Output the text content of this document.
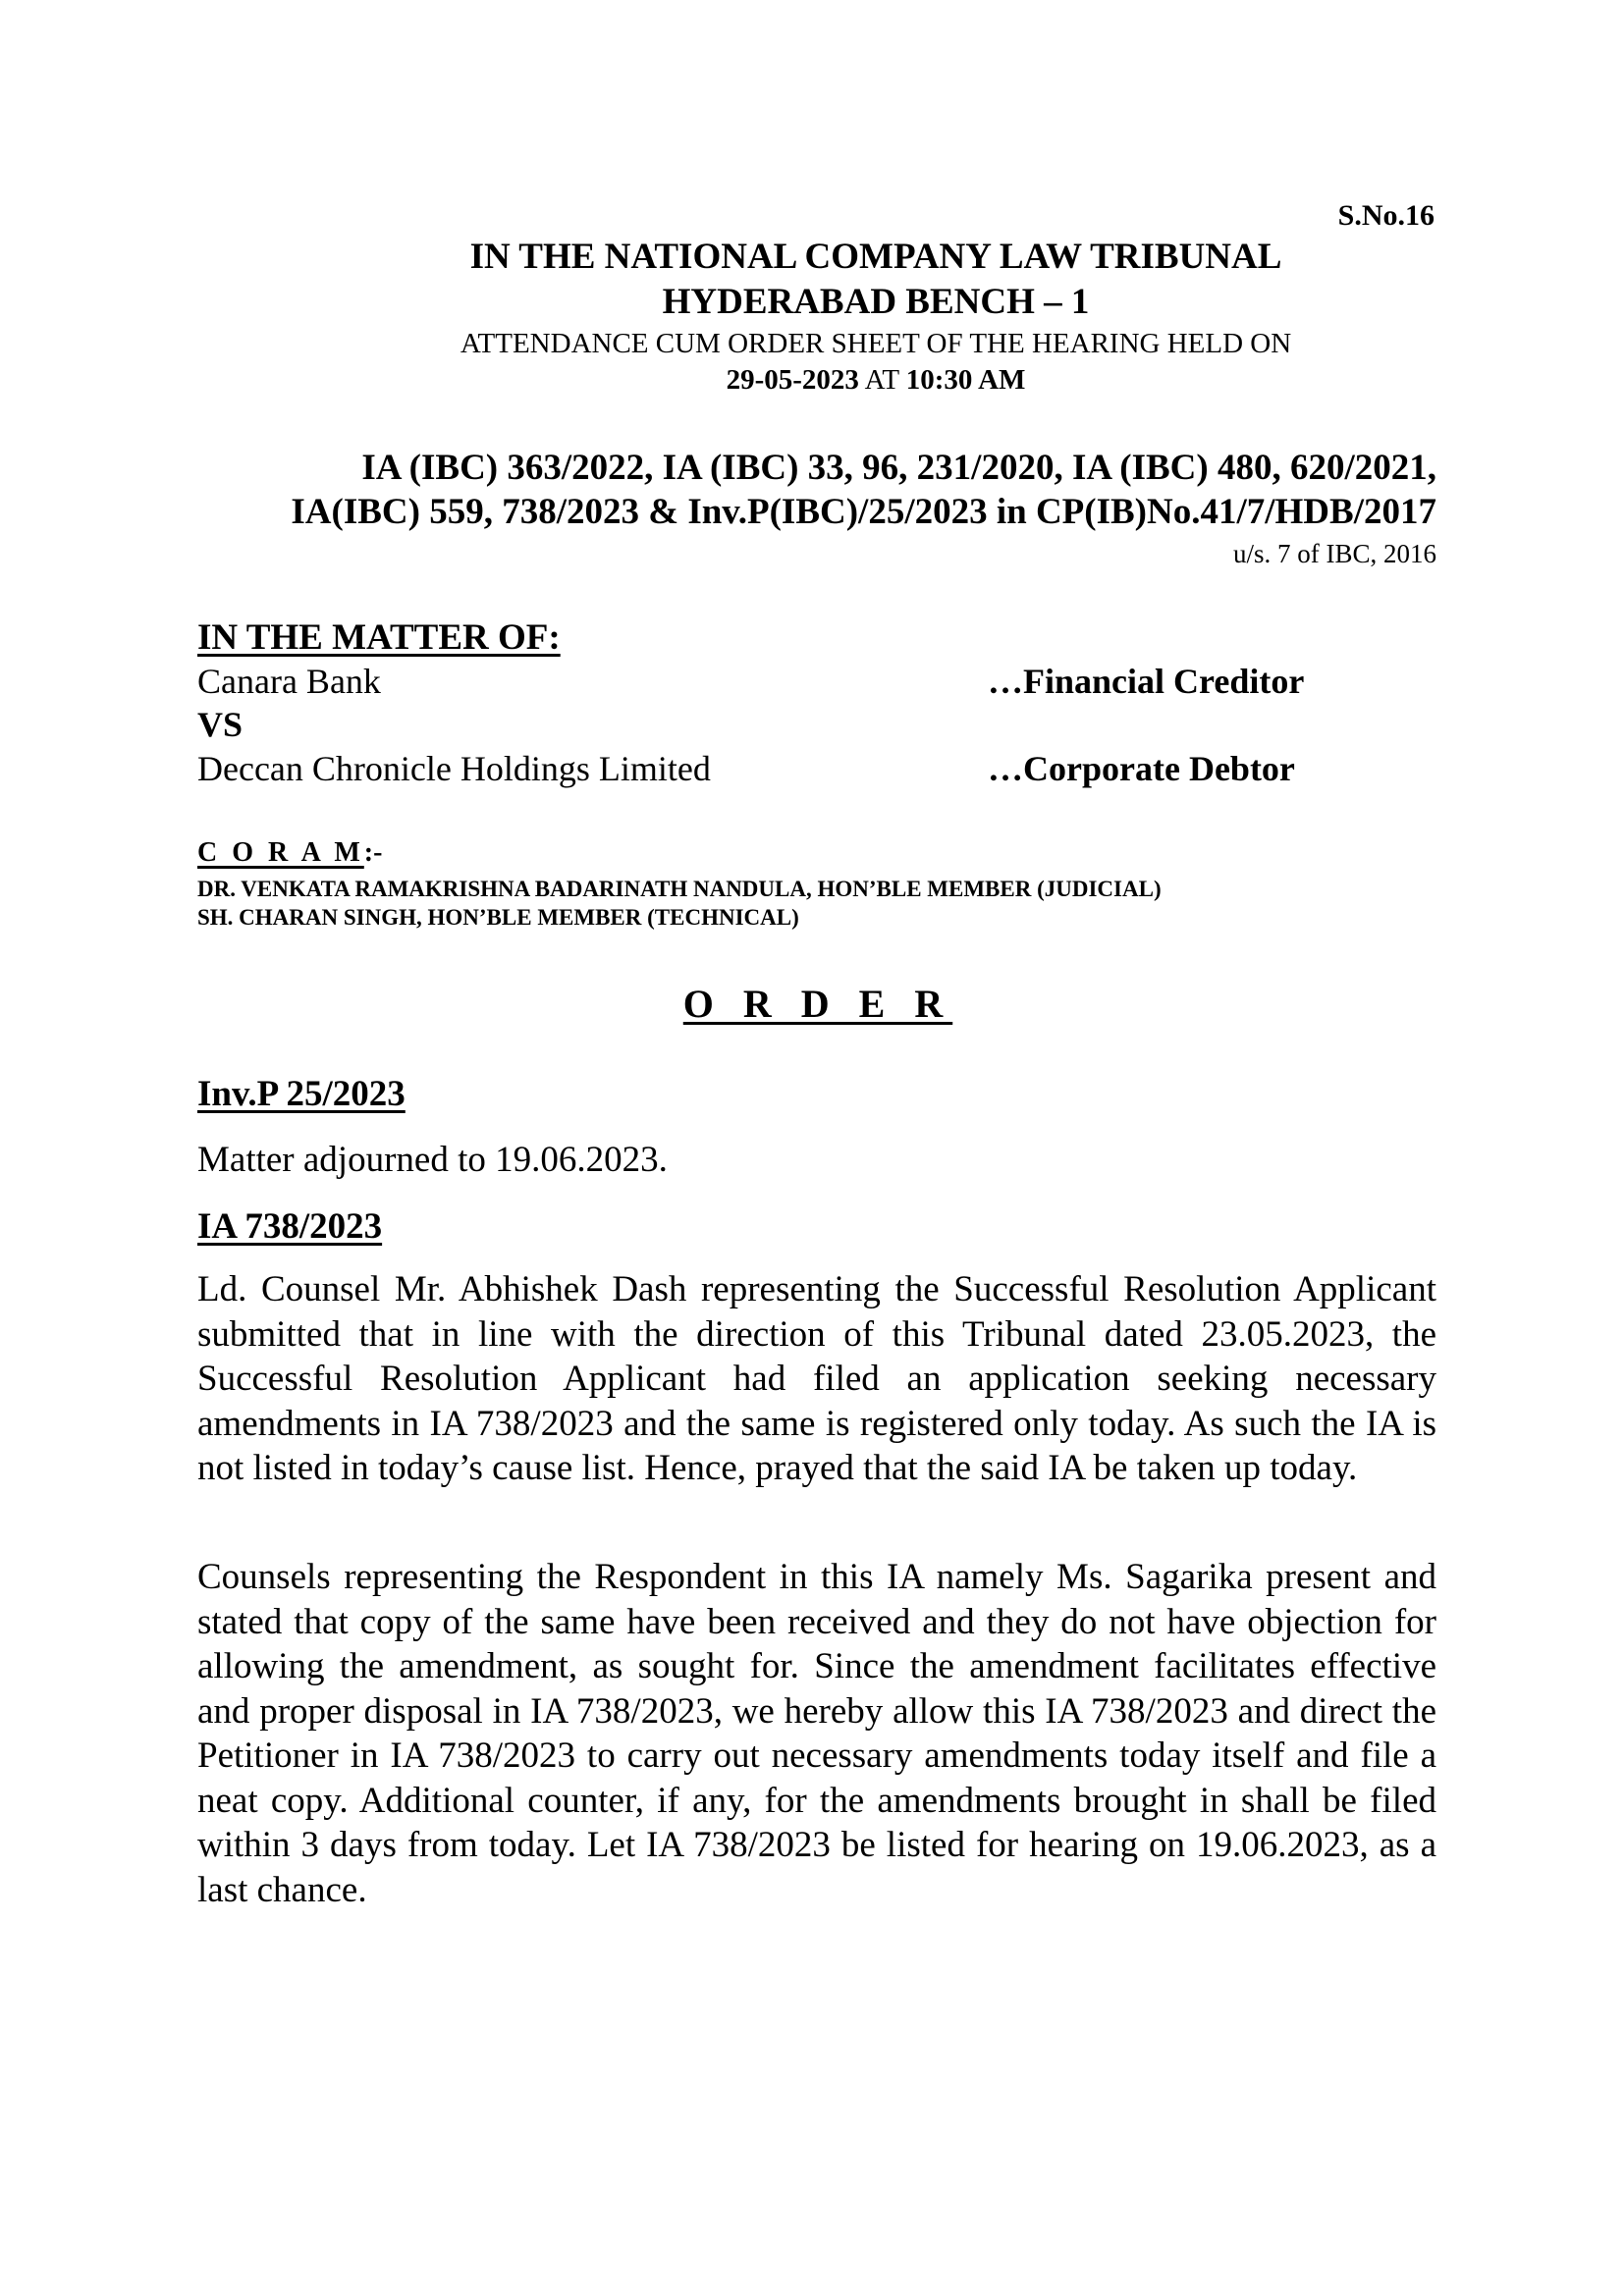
S.No.16
IN THE NATIONAL COMPANY LAW TRIBUNAL
HYDERABAD BENCH – 1
ATTENDANCE CUM ORDER SHEET OF THE HEARING HELD ON
29-05-2023 AT 10:30 AM
IA (IBC) 363/2022, IA (IBC) 33, 96, 231/2020, IA (IBC) 480, 620/2021,
IA(IBC) 559, 738/2023 & Inv.P(IBC)/25/2023 in CP(IB)No.41/7/HDB/2017
u/s. 7 of IBC, 2016
IN THE MATTER OF:
Canara Bank	…Financial Creditor
VS
Deccan Chronicle Holdings Limited	…Corporate Debtor
C O R A M:-
DR. VENKATA RAMAKRISHNA BADARINATH NANDULA, HON’BLE MEMBER (JUDICIAL)
SH. CHARAN SINGH, HON’BLE MEMBER (TECHNICAL)
O R D E R
Inv.P 25/2023
Matter adjourned to 19.06.2023.
IA 738/2023
Ld. Counsel Mr. Abhishek Dash representing the Successful Resolution Applicant submitted that in line with the direction of this Tribunal dated 23.05.2023, the Successful Resolution Applicant had filed an application seeking necessary amendments in IA 738/2023 and the same is registered only today. As such the IA is not listed in today’s cause list. Hence, prayed that the said IA be taken up today.
Counsels representing the Respondent in this IA namely Ms. Sagarika present and stated that copy of the same have been received and they do not have objection for allowing the amendment, as sought for. Since the amendment facilitates effective and proper disposal in IA 738/2023, we hereby allow this IA 738/2023 and direct the Petitioner in IA 738/2023 to carry out necessary amendments today itself and file a neat copy. Additional counter, if any, for the amendments brought in shall be filed within 3 days from today. Let IA 738/2023 be listed for hearing on 19.06.2023, as a last chance.
